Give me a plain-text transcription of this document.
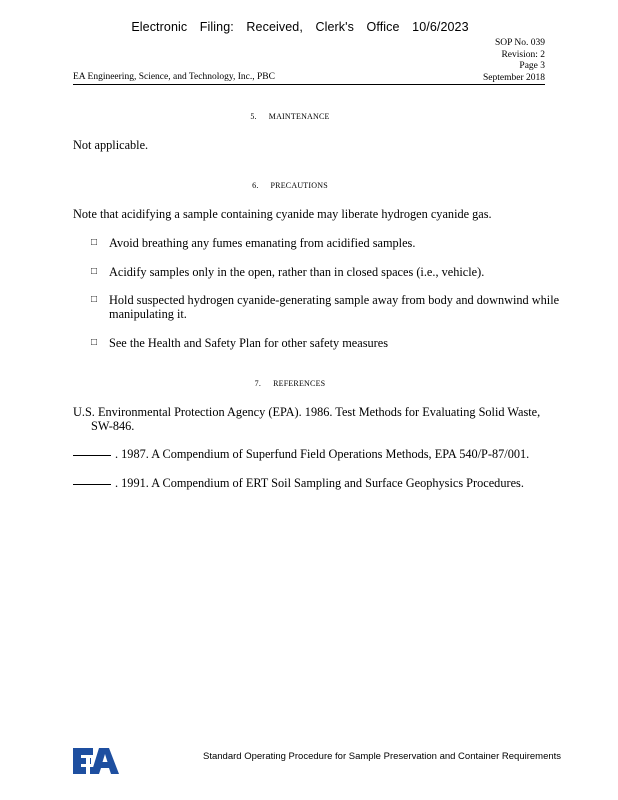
Electronic Filing: Received, Clerk's Office 10/6/2023
SOP No. 039
Revision: 2
Page 3
September 2018
EA Engineering, Science, and Technology, Inc., PBC
5. MAINTENANCE
Not applicable.
6. PRECAUTIONS
Note that acidifying a sample containing cyanide may liberate hydrogen cyanide gas.
□ Avoid breathing any fumes emanating from acidified samples.
□ Acidify samples only in the open, rather than in closed spaces (i.e., vehicle).
□ Hold suspected hydrogen cyanide-generating sample away from body and downwind while manipulating it.
□ See the Health and Safety Plan for other safety measures
7. REFERENCES
U.S. Environmental Protection Agency (EPA). 1986. Test Methods for Evaluating Solid Waste,
SW-846.
. 1987. A Compendium of Superfund Field Operations Methods, EPA 540/P-87/001.
. 1991. A Compendium of ERT Soil Sampling and Surface Geophysics Procedures.
Standard Operating Procedure for Sample Preservation and Container Requirements
